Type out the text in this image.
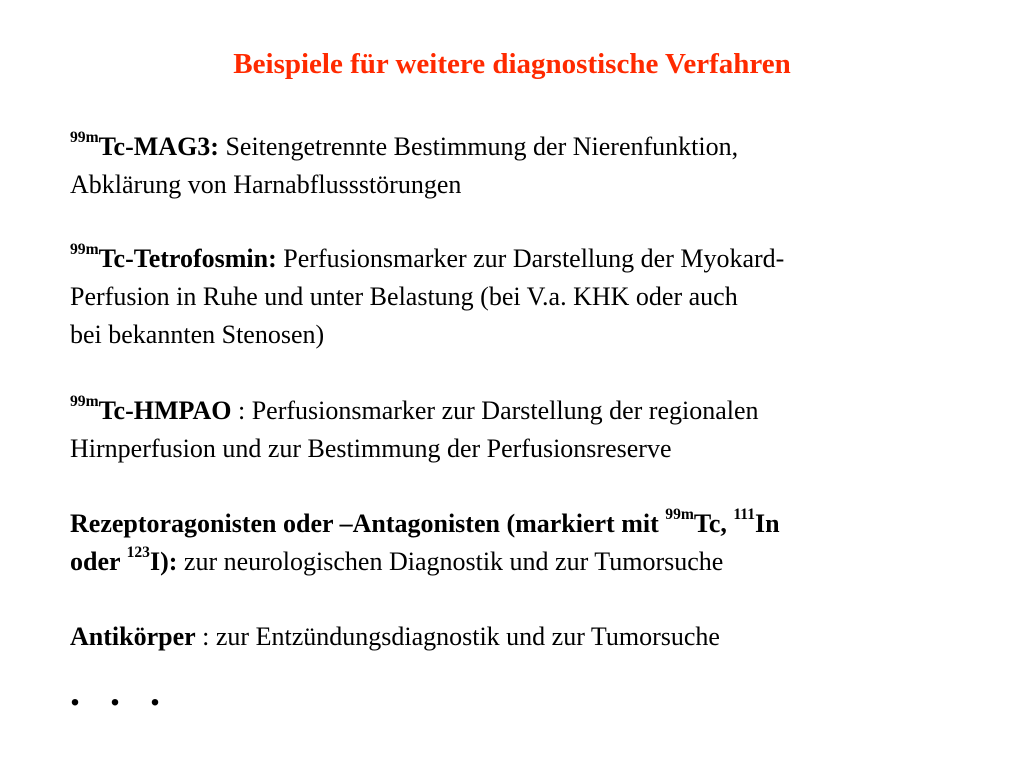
Beispiele für weitere diagnostische Verfahren
$^{99m}$Tc-MAG3: Seitengetrennte Bestimmung der Nierenfunktion,
Abklärung von Harnabflussstörungen
$^{99m}$Tc-Tetrofosmin: Perfusionsmarker zur Darstellung der Myokard-
Perfusion in Ruhe und unter Belastung (bei V.a. KHK oder auch
bei bekannten Stenosen)
$^{99m}$Tc-HMPAO : Perfusionsmarker zur Darstellung der regionalen
Hirnperfusion und zur Bestimmung der Perfusionsreserve
Rezeptoragonisten oder –Antagonisten (markiert mit $^{99m}$Tc, $^{111}$In
oder $^{123}$I): zur neurologischen Diagnostik und zur Tumorsuche
Antikörper : zur Entzündungsdiagnostik und zur Tumorsuche
. . .
